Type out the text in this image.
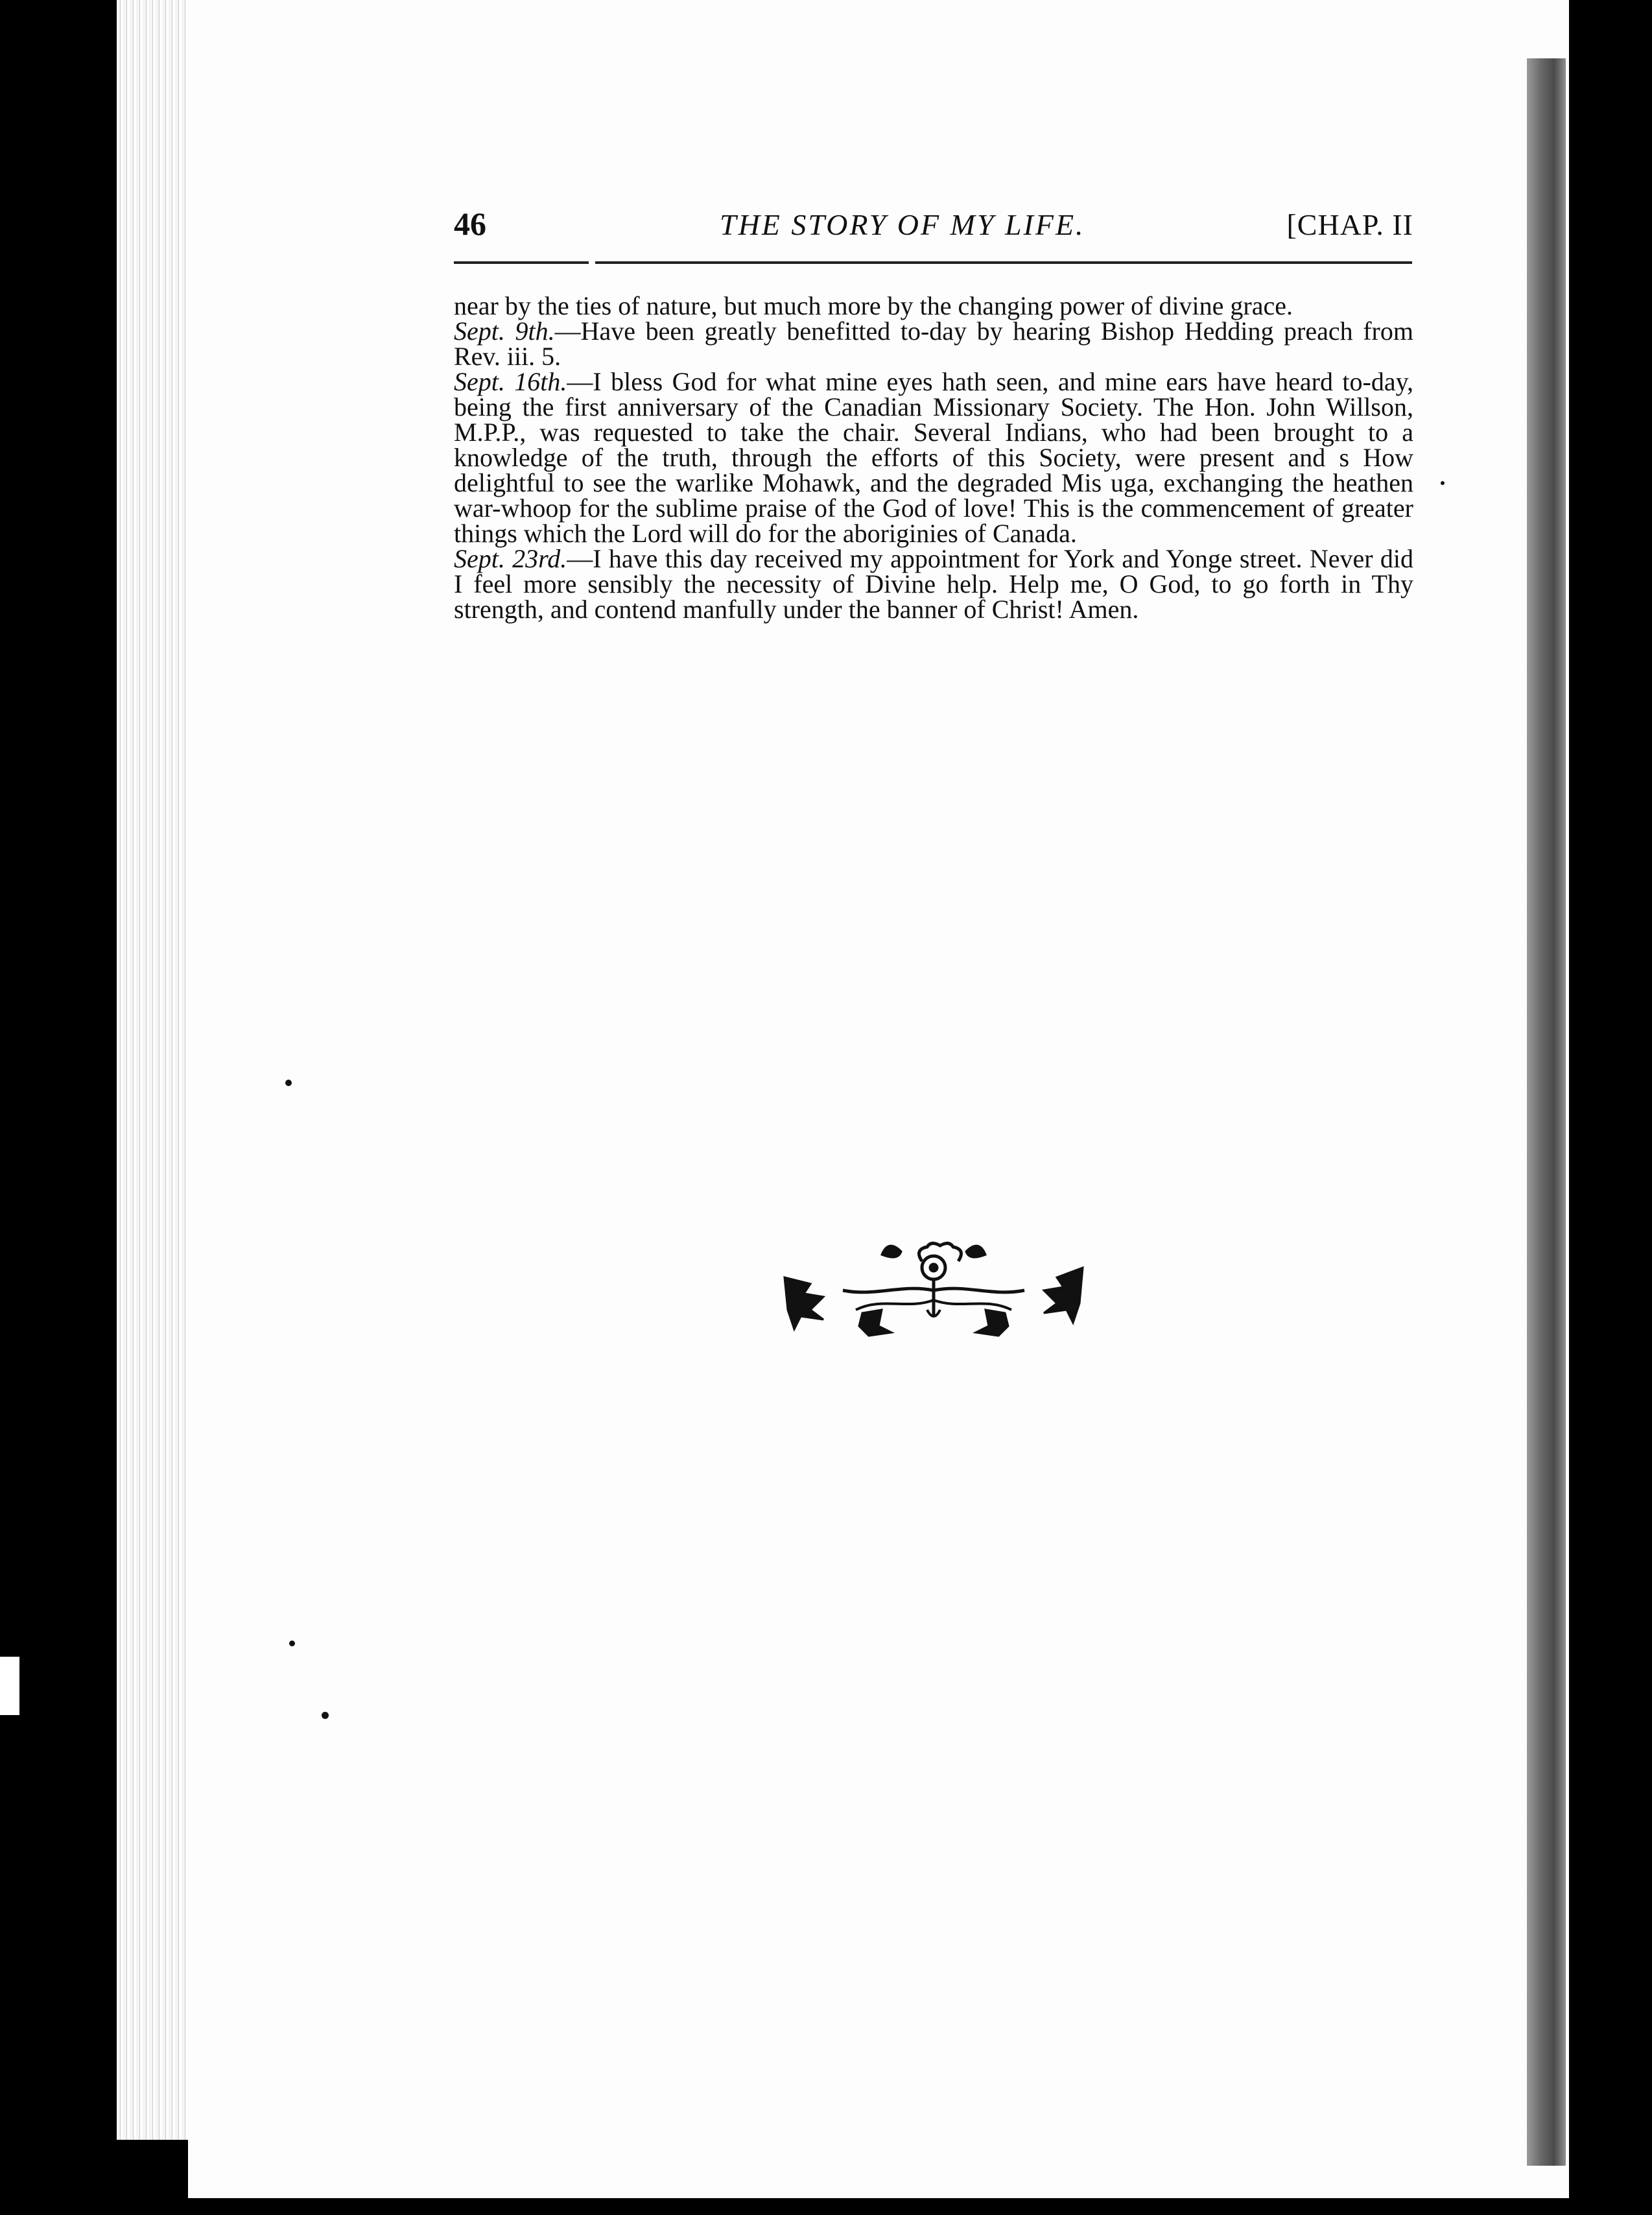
46	THE STORY OF MY LIFE.	[CHAP. II

near by the ties of nature, but much more by the changing power of divine grace.

Sept. 9th.—Have been greatly benefitted to-day by hearing Bishop Hedding preach from Rev. iii. 5.

Sept. 16th.—I bless God for what mine eyes hath seen, and mine ears have heard to-day, being the first anniversary of the Canadian Missionary Society. The Hon. John Willson, M.P.P., was requested to take the chair. Several Indians, who had been brought to a knowledge of the truth, through the efforts of this Society, were present and s How delightful to see the warlike Mohawk, and the degraded Mis uga, exchanging the heathen war-whoop for the sublime praise of the God of love! This is the commencement of greater things which the Lord will do for the aboriginies of Canada.

Sept. 23rd.—I have this day received my appointment for York and Yonge street. Never did I feel more sensibly the necessity of Divine help. Help me, O God, to go forth in Thy strength, and contend manfully under the banner of Christ! Amen.
